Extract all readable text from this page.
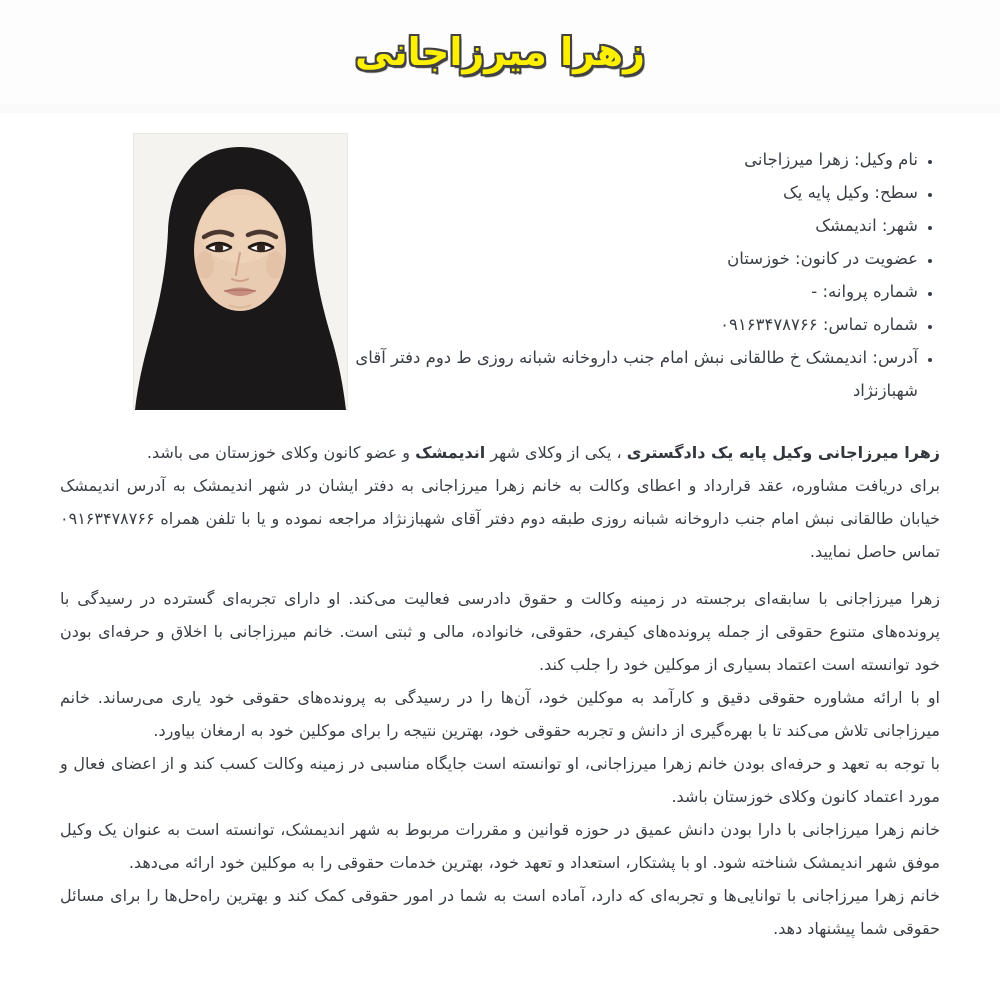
زهرا میرزاجانی
• نام وکیل: زهرا میرزاجانی
• سطح: وکیل پایه یک
• شهر: اندیمشک
• عضویت در کانون: خوزستان
• شماره پروانه: -
• شماره تماس: ۰۹۱۶۳۴۷۸۷۶۶
• آدرس: اندیمشک خ طالقانی نبش امام جنب داروخانه شبانه روزی ط دوم دفتر آقای شهبازنژاد

زهرا میرزاجانی وکیل پایه یک دادگستری ، یکی از وکلای شهر اندیمشک و عضو کانون وکلای خوزستان می باشد.

برای دریافت مشاوره، عقد قرارداد و اعطای وکالت به خانم زهرا میرزاجانی به دفتر ایشان در شهر اندیمشک به آدرس اندیمشک خیابان طالقانی نبش امام جنب داروخانه شبانه روزی طبقه دوم دفتر آقای شهبازنژاد مراجعه نموده و یا با تلفن همراه ۰۹۱۶۳۴۷۸۷۶۶ تماس حاصل نمایید.

زهرا میرزاجانی با سابقه‌ای برجسته در زمینه وکالت و حقوق دادرسی فعالیت می‌کند. او دارای تجربه‌ای گسترده در رسیدگی با پرونده‌های متنوع حقوقی از جمله پرونده‌های کیفری، حقوقی، خانواده، مالی و ثبتی است. خانم میرزاجانی با اخلاق و حرفه‌ای بودن خود توانسته است اعتماد بسیاری از موکلین خود را جلب کند.

او با ارائه مشاوره حقوقی دقیق و کارآمد به موکلین خود، آن‌ها را در رسیدگی به پرونده‌های حقوقی خود یاری می‌رساند. خانم میرزاجانی تلاش می‌کند تا با بهره‌گیری از دانش و تجربه حقوقی خود، بهترین نتیجه را برای موکلین خود به ارمغان بیاورد.

با توجه به تعهد و حرفه‌ای بودن خانم زهرا میرزاجانی، او توانسته است جایگاه مناسبی در زمینه وکالت کسب کند و از اعضای فعال و مورد اعتماد کانون وکلای خوزستان باشد.

خانم زهرا میرزاجانی با دارا بودن دانش عمیق در حوزه قوانین و مقررات مربوط به شهر اندیمشک، توانسته است به عنوان یک وکیل موفق شهر اندیمشک شناخته شود. او با پشتکار، استعداد و تعهد خود، بهترین خدمات حقوقی را به موکلین خود ارائه می‌دهد.

خانم زهرا میرزاجانی با توانایی‌ها و تجربه‌ای که دارد، آماده است به شما در امور حقوقی کمک کند و بهترین راه‌حل‌ها را برای مسائل حقوقی شما پیشنهاد دهد.
